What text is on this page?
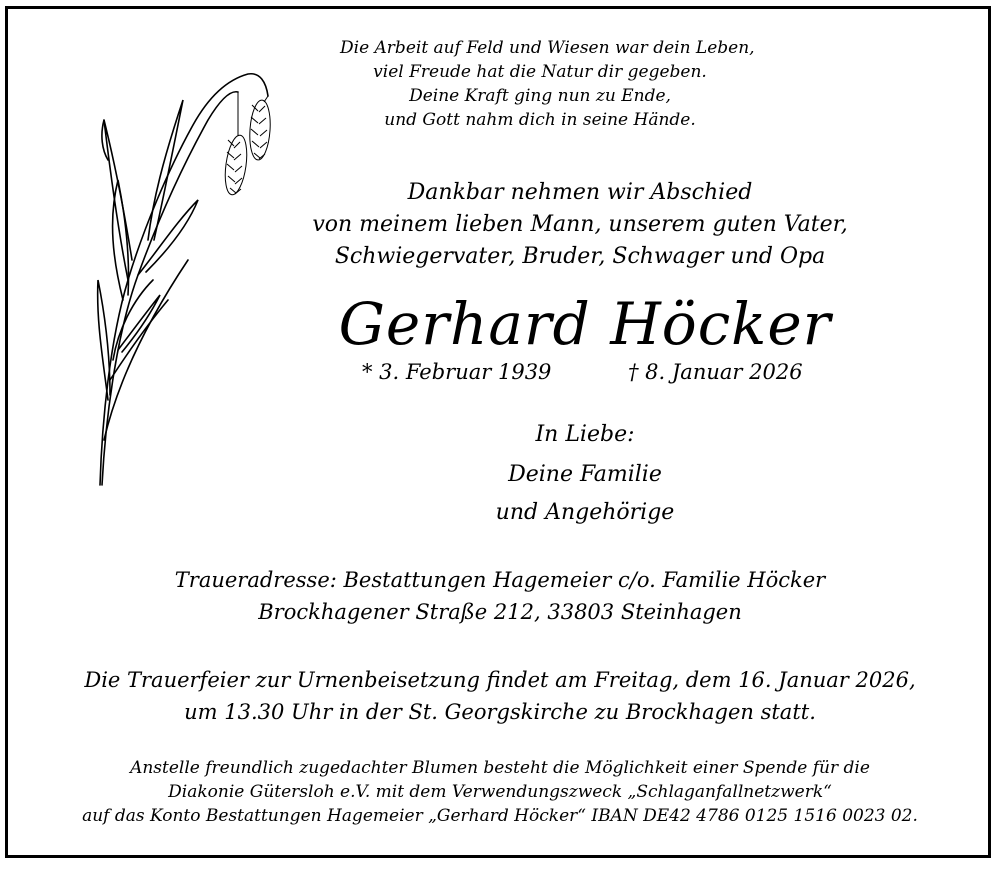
Die Arbeit auf Feld und Wiesen war dein Leben,
viel Freude hat die Natur dir gegeben.
Deine Kraft ging nun zu Ende,
und Gott nahm dich in seine Hände.
Dankbar nehmen wir Abschied
von meinem lieben Mann, unserem guten Vater,
Schwiegervater, Bruder, Schwager und Opa
Gerhard Höcker
* 3. Februar 1939	† 8. Januar 2026
In Liebe:
Deine Familie
und Angehörige
Traueradresse: Bestattungen Hagemeier c/o. Familie Höcker
Brockhagener Straße 212, 33803 Steinhagen
Die Trauerfeier zur Urnenbeisetzung findet am Freitag, dem 16. Januar 2026,
um 13.30 Uhr in der St. Georgskirche zu Brockhagen statt.
Anstelle freundlich zugedachter Blumen besteht die Möglichkeit einer Spende für die
Diakonie Gütersloh e.V. mit dem Verwendungszweck „Schlaganfallnetzwerk“
auf das Konto Bestattungen Hagemeier „Gerhard Höcker“ IBAN DE42 4786 0125 1516 0023 02.
